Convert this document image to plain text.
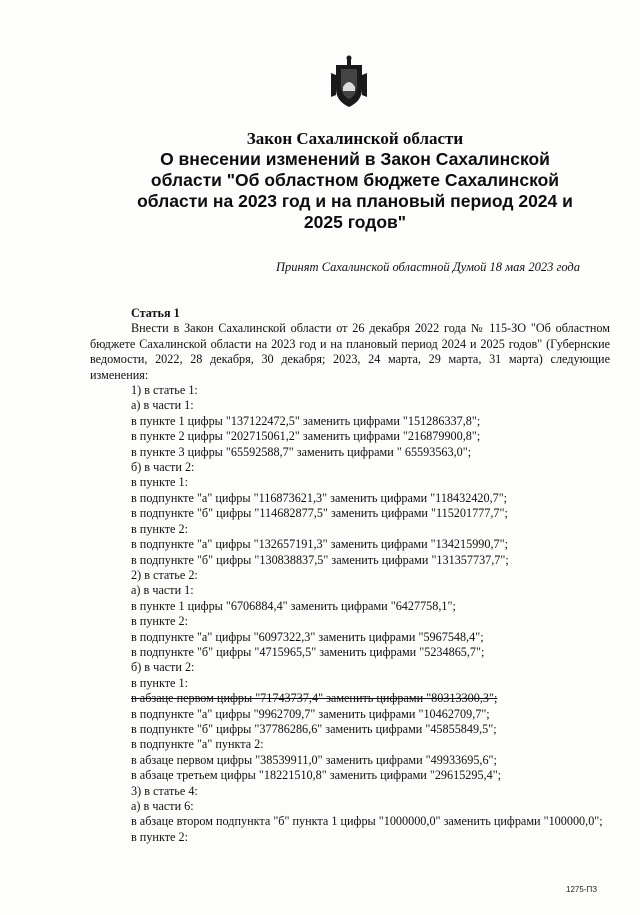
Закон Сахалинской области
О внесении изменений в Закон Сахалинской
области "Об областном бюджете Сахалинской
области на 2023 год и на плановый период 2024 и
2025 годов"
Принят Сахалинской областной Думой 18 мая 2023 года

Статья 1

Внести в Закон Сахалинской области от 26 декабря 2022 года № 115-ЗО "Об областном бюджете Сахалинской области на 2023 год и на плановый период 2024 и 2025 годов" (Губернские ведомости, 2022, 28 декабря, 30 декабря; 2023, 24 марта, 29 марта, 31 марта) следующие изменения:

1) в статье 1:

а) в части 1:

в пункте 1 цифры "137122472,5" заменить цифрами "151286337,8";

в пункте 2 цифры "202715061,2" заменить цифрами "216879900,8";

в пункте 3 цифры "65592588,7" заменить цифрами " 65593563,0";

б) в части 2:

в пункте 1:

в подпункте "а" цифры "116873621,3" заменить цифрами "118432420,7";

в подпункте "б" цифры "114682877,5" заменить цифрами "115201777,7";

в пункте 2:

в подпункте "а" цифры "132657191,3" заменить цифрами "134215990,7";

в подпункте "б" цифры "130838837,5" заменить цифрами "131357737,7";

2) в статье 2:

а) в части 1:

в пункте 1 цифры "6706884,4" заменить цифрами "6427758,1";

в пункте 2:

в подпункте "а" цифры "6097322,3" заменить цифрами "5967548,4";

в подпункте "б" цифры "4715965,5" заменить цифрами "5234865,7";

б) в части 2:

в пункте 1:

в абзаце первом цифры "71743737,4" заменить цифрами "80313300,3";

в подпункте "а" цифры "9962709,7" заменить цифрами "10462709,7";

в подпункте "б" цифры "37786286,6" заменить цифрами "45855849,5";

в подпункте "а" пункта 2:

в абзаце первом цифры "38539911,0" заменить цифрами "49933695,6";

в абзаце третьем цифры "18221510,8" заменить цифрами "29615295,4";

3) в статье 4:

а) в части 6:

в абзаце втором подпункта "б" пункта 1 цифры "1000000,0" заменить цифрами "100000,0";

в пункте 2:

1275-ПЗ
